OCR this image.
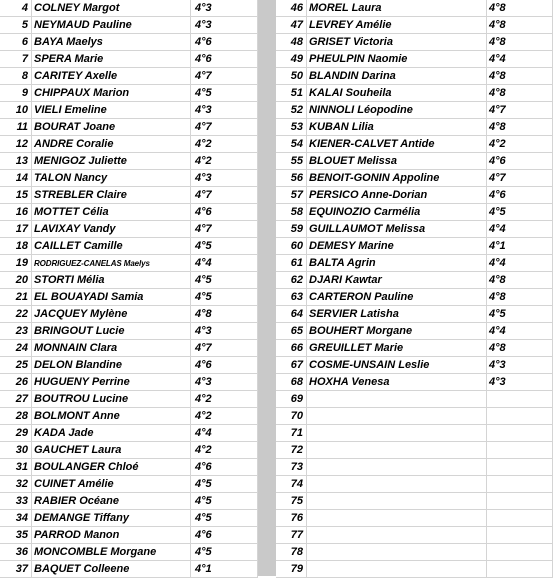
4 COLNEY Margot	4°3
5 NEYMAUD Pauline	4°3
6 BAYA Maelys	4°6
7 SPERA Marie	4°6
8 CARITEY Axelle	4°7
9 CHIPPAUX Marion	4°5
10 VIELI Emeline	4°3
11 BOURAT Joane	4°7
12 ANDRE Coralie	4°2
13 MENIGOZ Juliette	4°2
14 TALON Nancy	4°3
15 STREBLER Claire	4°7
16 MOTTET Célia	4°6
17 LAVIXAY Vandy	4°7
18 CAILLET Camille	4°5
19 RODRIGUEZ-CANELAS Maelys	4°4
20 STORTI Mélia	4°5
21 EL BOUAYADI Samia	4°5
22 JACQUEY Mylène	4°8
23 BRINGOUT Lucie	4°3
24 MONNAIN Clara	4°7
25 DELON Blandine	4°6
26 HUGUENY Perrine	4°3
27 BOUTROU Lucine	4°2
28 BOLMONT Anne	4°2
29 KADA Jade	4°4
30 GAUCHET Laura	4°2
31 BOULANGER Chloé	4°6
32 CUINET Amélie	4°5
33 RABIER Océane	4°5
34 DEMANGE Tiffany	4°5
35 PARROD Manon	4°6
36 MONCOMBLE Morgane	4°5
37 BAQUET Colleene	4°1
46 MOREL Laura	4°8
47 LEVREY Amélie	4°8
48 GRISET Victoria	4°8
49 PHEULPIN Naomie	4°4
50 BLANDIN Darina	4°8
51 KALAI Souheila	4°8
52 NINNOLI Léopodine	4°7
53 KUBAN Lilia	4°8
54 KIENER-CALVET Antide	4°2
55 BLOUET Melissa	4°6
56 BENOIT-GONIN Appoline	4°7
57 PERSICO Anne-Dorian	4°6
58 EQUINOZIO Carmélia	4°5
59 GUILLAUMOT Melissa	4°4
60 DEMESY Marine	4°1
61 BALTA Agrin	4°4
62 DJARI Kawtar	4°8
63 CARTERON Pauline	4°8
64 SERVIER Latisha	4°5
65 BOUHERT Morgane	4°4
66 GREUILLET Marie	4°8
67 COSME-UNSAIN Leslie	4°3
68 HOXHA Venesa	4°3
69
70
71
72
73
74
75
76
77
78
79
